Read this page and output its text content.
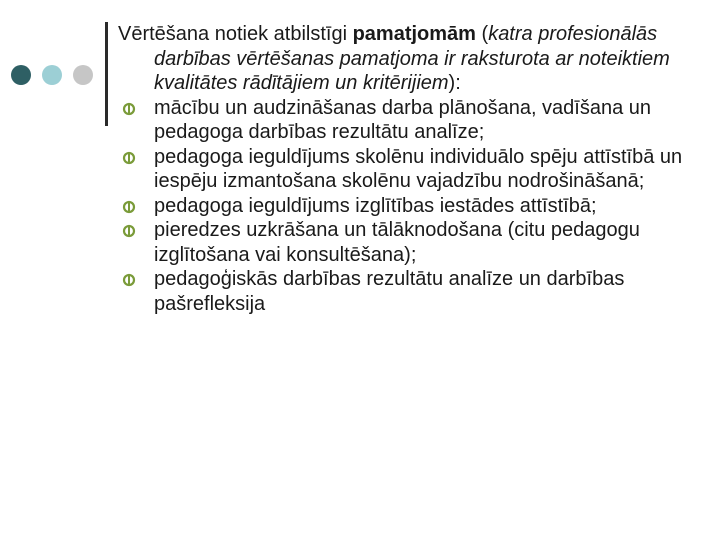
Vērtēšana notiek atbilstīgi pamatjomām (katra profesionālās darbības vērtēšanas pamatjoma ir raksturota ar noteiktiem kvalitātes rādītājiem un kritērijiem):

mācību un audzināšanas darba plānošana, vadīšana un pedagoga darbības rezultātu analīze;
pedagoga ieguldījums skolēnu individuālo spēju attīstībā un iespēju izmantošana skolēnu vajadzību nodrošināšanā;
pedagoga ieguldījums izglītības iestādes attīstībā;
pieredzes uzkrāšana un tālāknodošana (citu pedagogu izglītošana vai konsultēšana);
pedagoģiskās darbības rezultātu analīze un darbības pašrefleksija
